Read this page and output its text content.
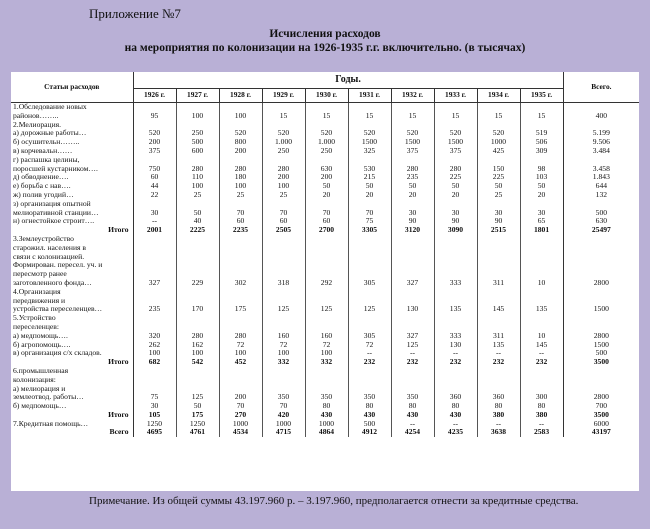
Приложение №7
Исчисления расходов
на мероприятия по колонизации на 1926-1935 г.г. включительно. (в тысячах)
Статьи расходов	Годы.										Всего.
	1926 г.	1927 г.	1928 г.	1929 г.	1930 г.	1931 г.	1932 г.	1933 г.	1934 г.	1935 г.	
1.Обследование новых											
районов……..	95	100	100	15	15	15	15	15	15	15	400
2.Мелиорация.											
а) дорожные работы…	520	250	520	520	520	520	520	520	520	519	5.199
б) осушительн……..	200	500	800	1.000	1.000	1500	1500	1500	1000	506	9.506
в) корчевальн……	375	600	200	250	250	325	375	375	425	309	3.484
г) распашка целины,											
поросшей кустарником….	750	280	280	280	630	530	280	280	150	98	3.458
д) обводнение….	60	110	180	200	200	215	235	225	225	103	1.843
е) борьба с нав….	44	100	100	100	50	50	50	50	50	50	644
ж) полив угодий…	22	25	25	25	20	20	20	20	25	20	132
з) организация опытной											
мелиоративной станции…	30	50	70	70	70	70	30	30	30	30	500
н) огнестойкое строит….	--	40	60	60	60	75	90	90	90	65	630
Итого	2001	2225	2235	2505	2700	3305	3120	3090	2515	1801	25497
3.Землеустройство											
старожил. населения в											
связи с колонизацией.											
Формирован. пересел. уч. и											
пересмотр ранее											
заготовленного фонда…	327	229	302	318	292	305	327	333	311	10	2800
4.Организация											
передвижения и											
устройства переселенцев…	235	170	175	125	125	125	130	135	145	135	1500
5.Устройство											
переселенцев:											
а) медпомощь….	320	280	280	160	160	305	327	333	311	10	2800
б) агропомощь….	262	162	72	72	72	72	125	130	135	145	1500
в) организация с/х складов.	100	100	100	100	100	--	--	--	--	--	500
Итого	682	542	452	332	332	232	232	232	232	232	3500
6.промышленная											
колонизация:											
а) мелиорация и											
землеотвод. работы…	75	125	200	350	350	350	350	360	360	300	2800
б) медпомощь…	30	50	70	70	80	80	80	80	80	80	700
Итого	105	175	270	420	430	430	430	430	380	380	3500
7.Кредитная помощь…	1250	1250	1000	1000	1000	500	--	--	--	--	6000
Всего	4695	4761	4534	4715	4864	4912	4254	4235	3638	2583	43197
Примечание. Из общей суммы 43.197.960 р. – 3.197.960, предполагается отнести за кредитные средства.
